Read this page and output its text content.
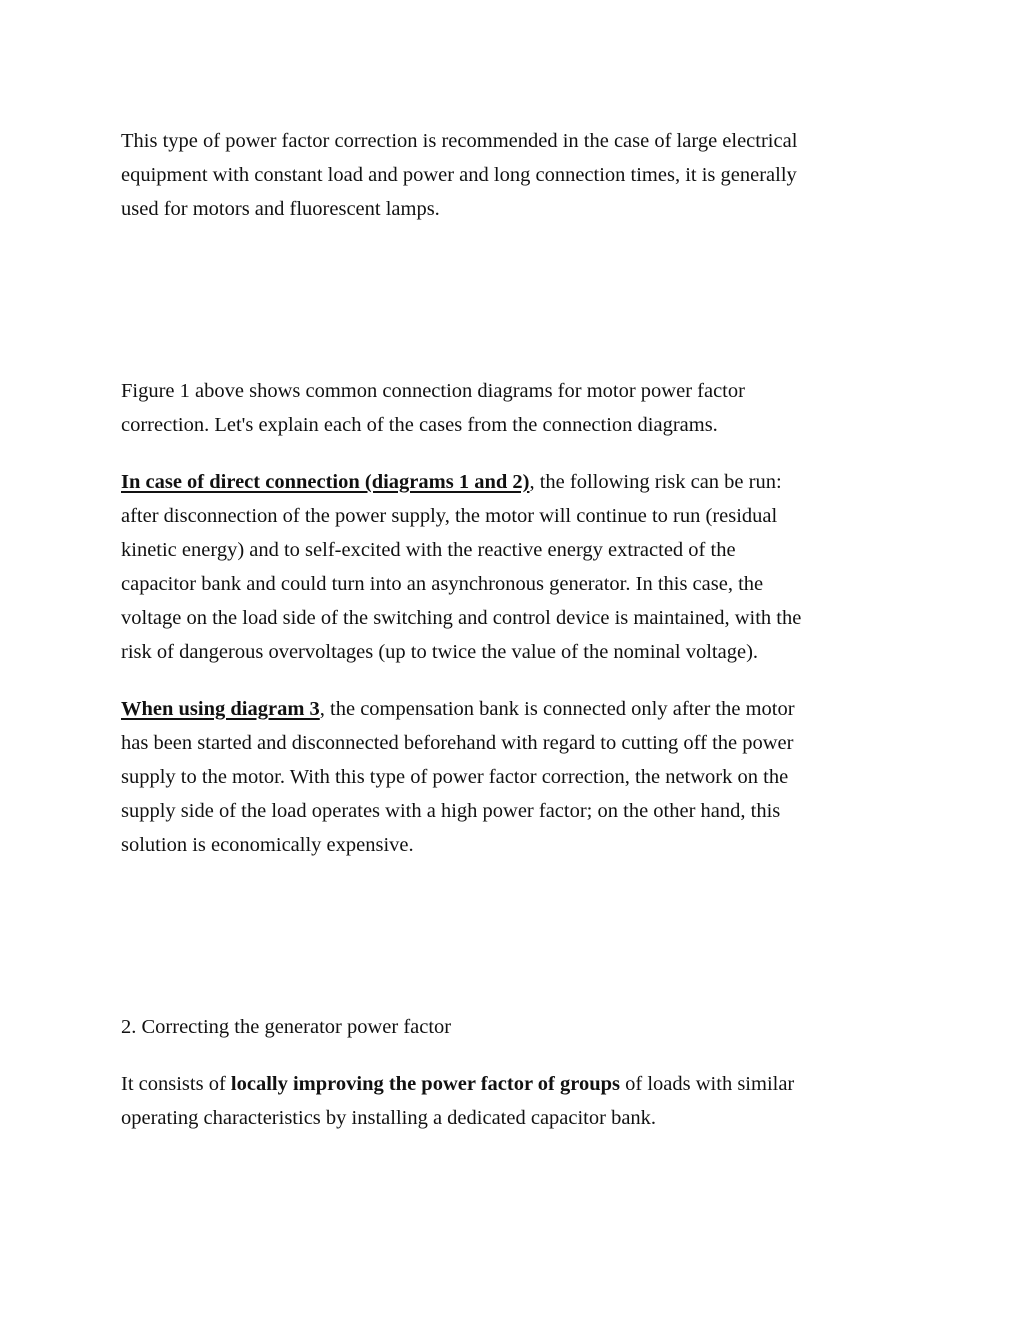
This type of power factor correction is recommended in the case of large electrical
equipment with constant load and power and long connection times, it is generally
used for motors and fluorescent lamps.

Figure 1 above shows common connection diagrams for motor power factor
correction. Let's explain each of the cases from the connection diagrams.

In case of direct connection (diagrams 1 and 2), the following risk can be run:
after disconnection of the power supply, the motor will continue to run (residual
kinetic energy) and to self-excited with the reactive energy extracted of the
capacitor bank and could turn into an asynchronous generator. In this case, the
voltage on the load side of the switching and control device is maintained, with the
risk of dangerous overvoltages (up to twice the value of the nominal voltage).

When using diagram 3, the compensation bank is connected only after the motor
has been started and disconnected beforehand with regard to cutting off the power
supply to the motor. With this type of power factor correction, the network on the
supply side of the load operates with a high power factor; on the other hand, this
solution is economically expensive.

2. Correcting the generator power factor

It consists of locally improving the power factor of groups of loads with similar
operating characteristics by installing a dedicated capacitor bank.
